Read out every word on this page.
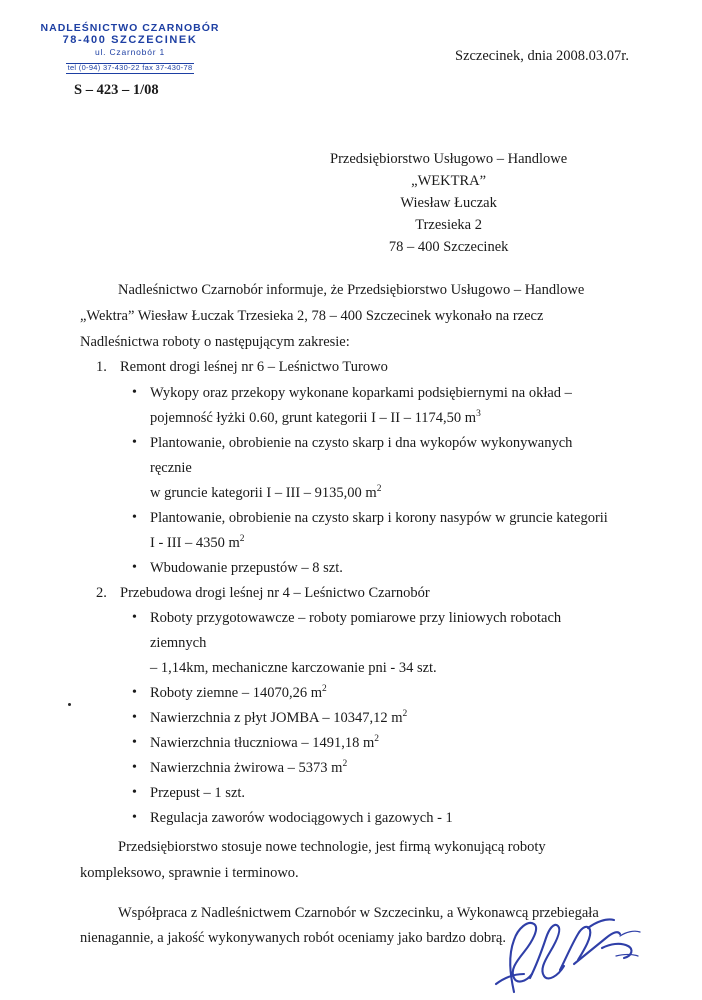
NADLEŚNICTWO CZARNOBÓR
78-400 SZCZECINEK
ul. Czarnobór 1
tel (0-94) 37-430-22 fax 37-430-78
Szczecinek, dnia 2008.03.07r.
S – 423 – 1/08
Przedsiębiorstwo Usługowo – Handlowe
„WEKTRA”
Wiesław Łuczak
Trzesieka 2
78 – 400 Szczecinek

Nadleśnictwo Czarnobór informuje, że Przedsiębiorstwo Usługowo – Handlowe

„Wektra” Wiesław Łuczak Trzesieka 2, 78 – 400 Szczecinek wykonało na rzecz

Nadleśnictwa roboty o następującym zakresie:

1. Remont drogi leśnej nr 6 – Leśnictwo Turowo
• Wykopy oraz przekopy wykonane koparkami podsiębiernymi na okład –
pojemność łyżki 0.60, grunt kategorii I – II – 1174,50 $m^3$
• Plantowanie, obrobienie na czysto skarp i dna wykopów wykonywanych ręcznie
w gruncie kategorii I – III – 9135,00 $m^2$
• Plantowanie, obrobienie na czysto skarp i korony nasypów w gruncie kategorii
I - III – 4350 $m^2$
• Wbudowanie przepustów – 8 szt.
2. Przebudowa drogi leśnej nr 4 – Leśnictwo Czarnobór
• Roboty przygotowawcze – roboty pomiarowe przy liniowych robotach ziemnych
– 1,14km, mechaniczne karczowanie pni - 34 szt.
• Roboty ziemne – 14070,26 $m^2$
• Nawierzchnia z płyt JOMBA – 10347,12 $m^2$
• Nawierzchnia tłuczniowa – 1491,18 $m^2$
• Nawierzchnia żwirowa – 5373 $m^2$
• Przepust – 1 szt.
• Regulacja zaworów wodociągowych i gazowych - 1

Przedsiębiorstwo stosuje nowe technologie, jest firmą wykonującą roboty

kompleksowo, sprawnie i terminowo.

Współpraca z Nadleśnictwem Czarnobór w Szczecinku, a Wykonawcą przebiegała

nienagannie, a jakość wykonywanych robót oceniamy jako bardzo dobrą.
